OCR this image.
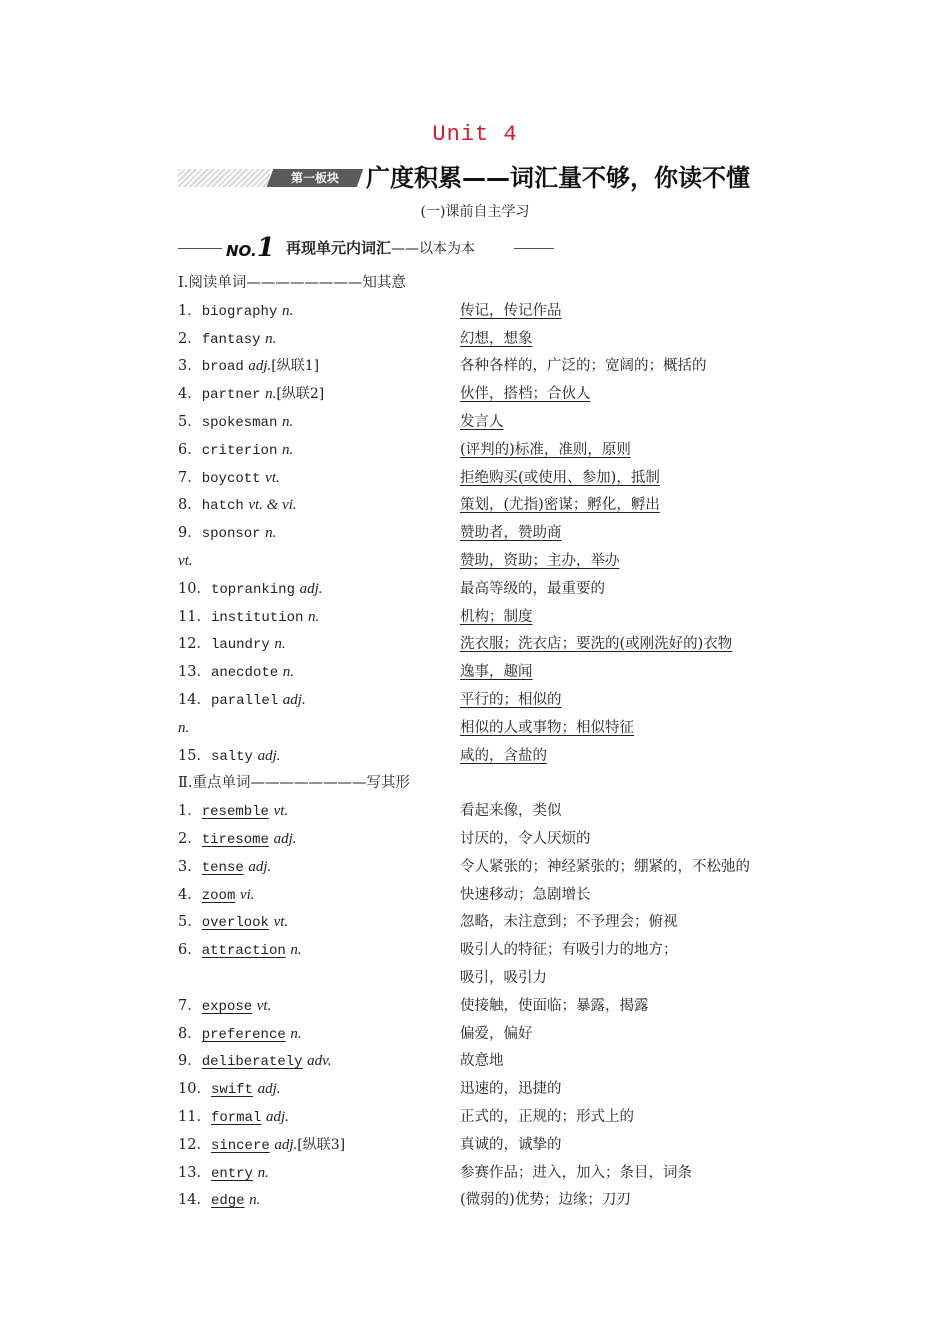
Unit 4
第一板块	广度积累——词汇量不够，你读不懂
(一)课前自主学习
NO.1 再现单元内词汇——以本为本
Ⅰ.阅读单词————————知其意
1．biography n.	传记，传记作品
2．fantasy n.	幻想，想象
3．broad adj.[纵联1]	各种各样的，广泛的；宽阔的；概括的
4．partner n.[纵联2]	伙伴，搭档；合伙人
5．spokesman n.	发言人
6．criterion n.	(评判的)标准，准则，原则
7．boycott vt.	拒绝购买(或使用、参加)，抵制
8．hatch vt. & vi.	策划，(尤指)密谋；孵化，孵出
9．sponsor n.	赞助者，赞助商
vt.	赞助，资助；主办，举办
10．topranking adj.	最高等级的，最重要的
11．institution n.	机构；制度
12．laundry n.	洗衣服；洗衣店；要洗的(或刚洗好的)衣物
13．anecdote n.	逸事，趣闻
14．parallel adj.	平行的；相似的
n.	相似的人或事物；相似特征
15．salty adj.	咸的，含盐的
Ⅱ.重点单词————————写其形
1．resemble vt.	看起来像，类似
2．tiresome adj.	讨厌的，令人厌烦的
3．tense adj.	令人紧张的；神经紧张的；绷紧的，不松弛的
4．zoom vi.	快速移动；急剧增长
5．overlook vt.	忽略，未注意到；不予理会；俯视
6．attraction n.	吸引人的特征；有吸引力的地方；
吸引，吸引力
7．expose vt.	使接触，使面临；暴露，揭露
8．preference n.	偏爱，偏好
9．deliberately adv.	故意地
10．swift adj.	迅速的，迅捷的
11．formal adj.	正式的，正规的；形式上的
12．sincere adj.[纵联3]	真诚的，诚挚的
13．entry n.	参赛作品；进入，加入；条目，词条
14．edge n.	(微弱的)优势；边缘；刀刃
